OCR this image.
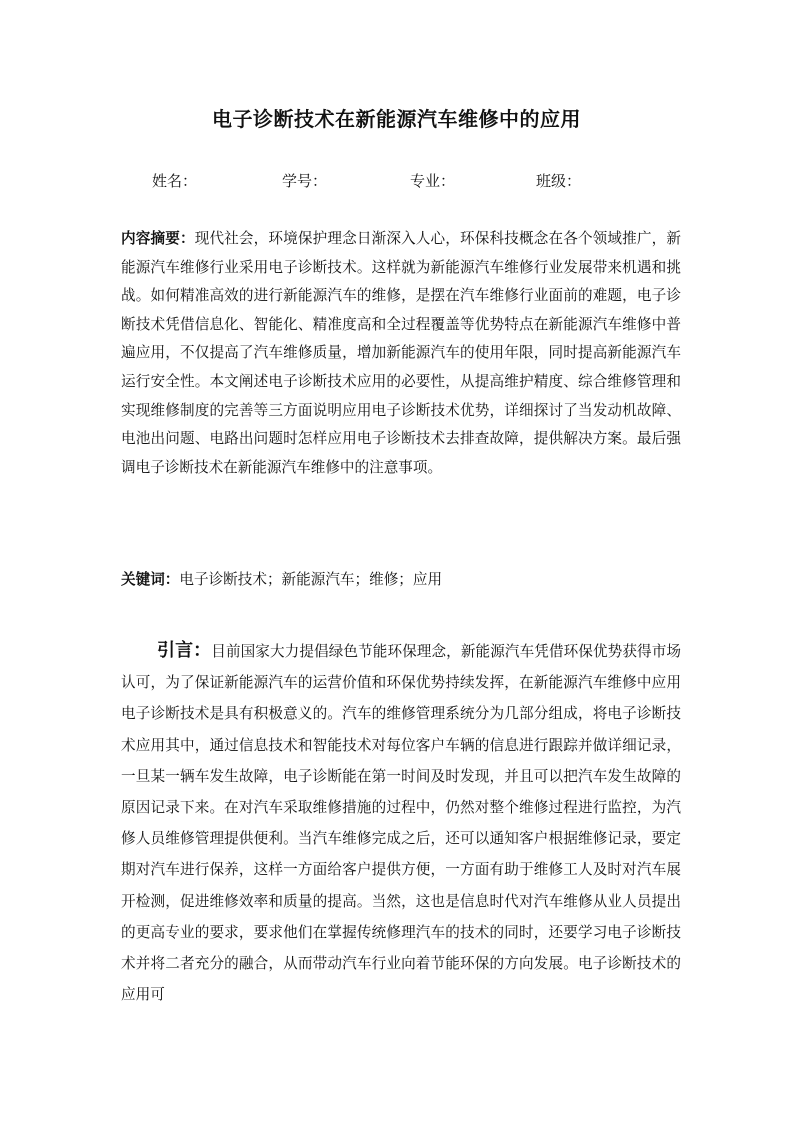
电子诊断技术在新能源汽车维修中的应用
姓名：	学号：	专业：	班级：
内容摘要：现代社会，环境保护理念日渐深入人心，环保科技概念在各个领域推广，新能源汽车维修行业采用电子诊断技术。这样就为新能源汽车维修行业发展带来机遇和挑战。如何精准高效的进行新能源汽车的维修，是摆在汽车维修行业面前的难题，电子诊断技术凭借信息化、智能化、精准度高和全过程覆盖等优势特点在新能源汽车维修中普遍应用，不仅提高了汽车维修质量，增加新能源汽车的使用年限，同时提高新能源汽车运行安全性。本文阐述电子诊断技术应用的必要性，从提高维护精度、综合维修管理和实现维修制度的完善等三方面说明应用电子诊断技术优势，详细探讨了当发动机故障、电池出问题、电路出问题时怎样应用电子诊断技术去排查故障，提供解决方案。最后强调电子诊断技术在新能源汽车维修中的注意事项。
关键词：电子诊断技术；新能源汽车；维修；应用
引言：目前国家大力提倡绿色节能环保理念，新能源汽车凭借环保优势获得市场认可，为了保证新能源汽车的运营价值和环保优势持续发挥，在新能源汽车维修中应用电子诊断技术是具有积极意义的。汽车的维修管理系统分为几部分组成，将电子诊断技术应用其中，通过信息技术和智能技术对每位客户车辆的信息进行跟踪并做详细记录，一旦某一辆车发生故障，电子诊断能在第一时间及时发现，并且可以把汽车发生故障的原因记录下来。在对汽车采取维修措施的过程中，仍然对整个维修过程进行监控，为汽修人员维修管理提供便利。当汽车维修完成之后，还可以通知客户根据维修记录，要定期对汽车进行保养，这样一方面给客户提供方便，一方面有助于维修工人及时对汽车展开检测，促进维修效率和质量的提高。当然，这也是信息时代对汽车维修从业人员提出的更高专业的要求，要求他们在掌握传统修理汽车的技术的同时，还要学习电子诊断技术并将二者充分的融合，从而带动汽车行业向着节能环保的方向发展。电子诊断技术的应用可
